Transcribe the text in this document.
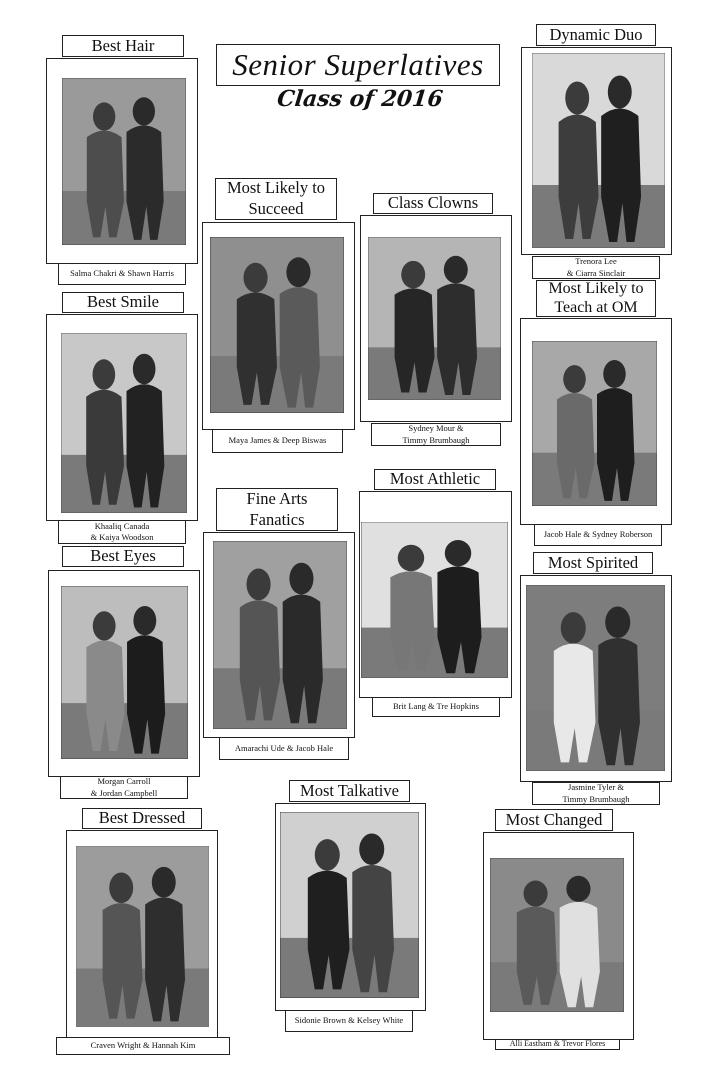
Senior Superlatives
Class of 2016
Best Hair
Salma Chakri & Shawn Harris
Dynamic Duo
Trenora Lee
& Ciarra Sinclair
Most Likely to
Succeed
Maya James & Deep Biswas
Class Clowns
Sydney Mour &
Timmy Brumbaugh
Most Likely to
Teach at OM
Jacob Hale & Sydney Roberson
Best Smile
Khaaliq Canada
& Kaiya Woodson
Fine Arts
Fanatics
Amarachi Ude & Jacob Hale
Most Athletic
Brit Lang & Tre Hopkins
Best Eyes
Morgan Carroll
& Jordan Campbell
Most Spirited
Jasmine Tyler &
Timmy Brumbaugh
Best Dressed
Craven Wright & Hannah Kim
Most Talkative
Sidonie Brown & Kelsey White
Most Changed
Alli Eastham & Trevor Flores
